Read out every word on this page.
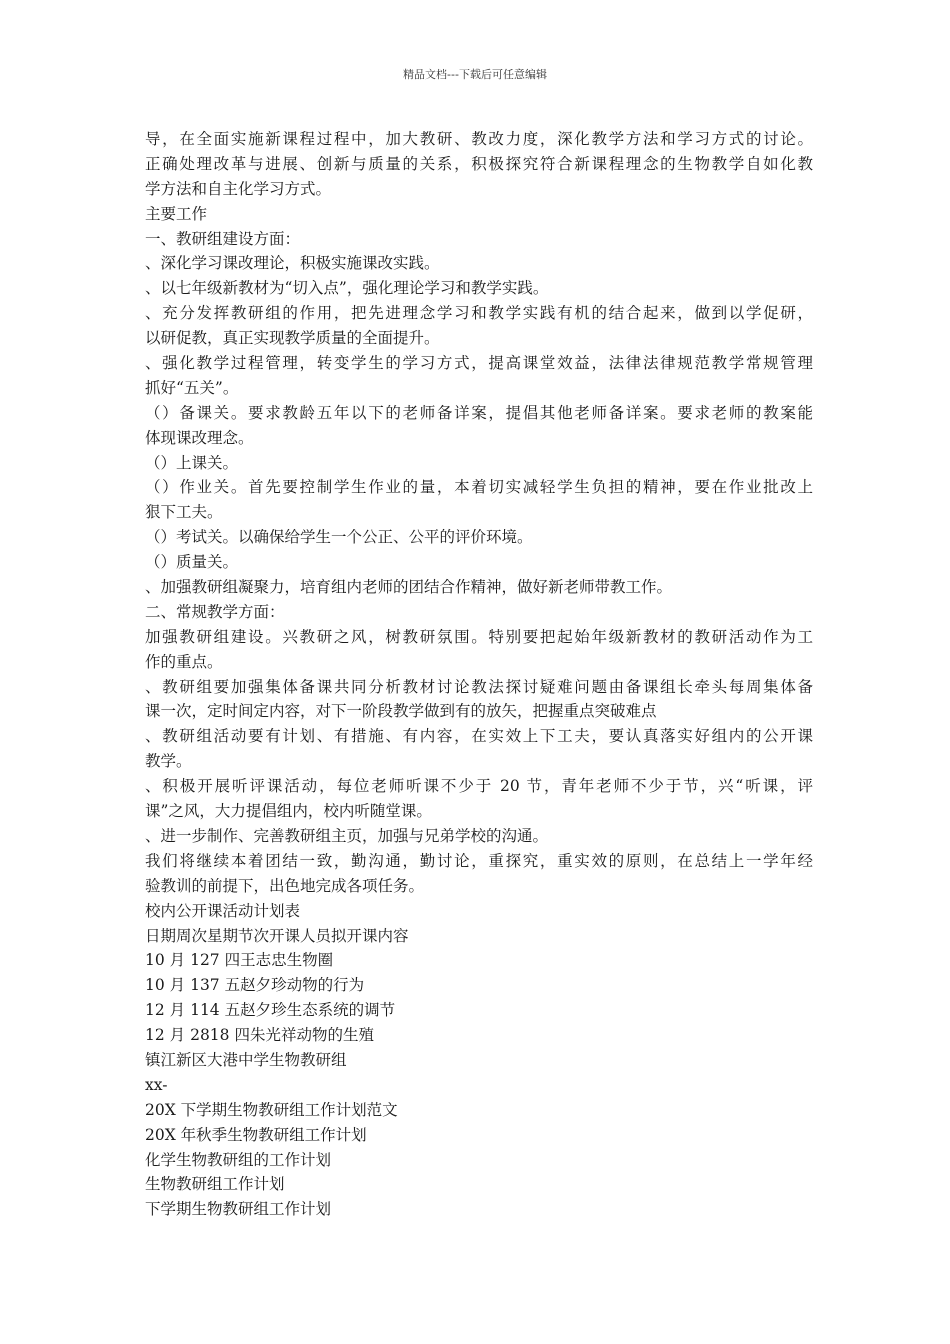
精品文档---下载后可任意编辑
导，在全面实施新课程过程中，加大教研、教改力度，深化教学方法和学习方式的讨论。
正确处理改革与进展、创新与质量的关系，积极探究符合新课程理念的生物教学自如化教
学方法和自主化学习方式。
主要工作
一、教研组建设方面：
、深化学习课改理论，积极实施课改实践。
、以七年级新教材为“切入点”，强化理论学习和教学实践。
、充分发挥教研组的作用，把先进理念学习和教学实践有机的结合起来，做到以学促研，
以研促教，真正实现教学质量的全面提升。
、强化教学过程管理，转变学生的学习方式，提高课堂效益，法律法律规范教学常规管理
抓好“五关”。
（）备课关。要求教龄五年以下的老师备详案，提倡其他老师备详案。要求老师的教案能
体现课改理念。
（）上课关。
（）作业关。首先要控制学生作业的量，本着切实减轻学生负担的精神，要在作业批改上
狠下工夫。
（）考试关。以确保给学生一个公正、公平的评价环境。
（）质量关。
、加强教研组凝聚力，培育组内老师的团结合作精神，做好新老师带教工作。
二、常规教学方面：
加强教研组建设。兴教研之风，树教研氛围。特别要把起始年级新教材的教研活动作为工
作的重点。
、教研组要加强集体备课共同分析教材讨论教法探讨疑难问题由备课组长牵头每周集体备
课一次，定时间定内容，对下一阶段教学做到有的放矢，把握重点突破难点
、教研组活动要有计划、有措施、有内容，在实效上下工夫，要认真落实好组内的公开课
教学。
、积极开展听评课活动，每位老师听课不少于 20 节，青年老师不少于节，兴“听课，评
课”之风，大力提倡组内，校内听随堂课。
、进一步制作、完善教研组主页，加强与兄弟学校的沟通。
我们将继续本着团结一致，勤沟通，勤讨论，重探究，重实效的原则，在总结上一学年经
验教训的前提下，出色地完成各项任务。
校内公开课活动计划表
日期周次星期节次开课人员拟开课内容
10 月 127 四王志忠生物圈
10 月 137 五赵夕珍动物的行为
12 月 114 五赵夕珍生态系统的调节
12 月 2818 四朱光祥动物的生殖
镇江新区大港中学生物教研组
xx-
20X 下学期生物教研组工作计划范文
20X 年秋季生物教研组工作计划
化学生物教研组的工作计划
生物教研组工作计划
下学期生物教研组工作计划
